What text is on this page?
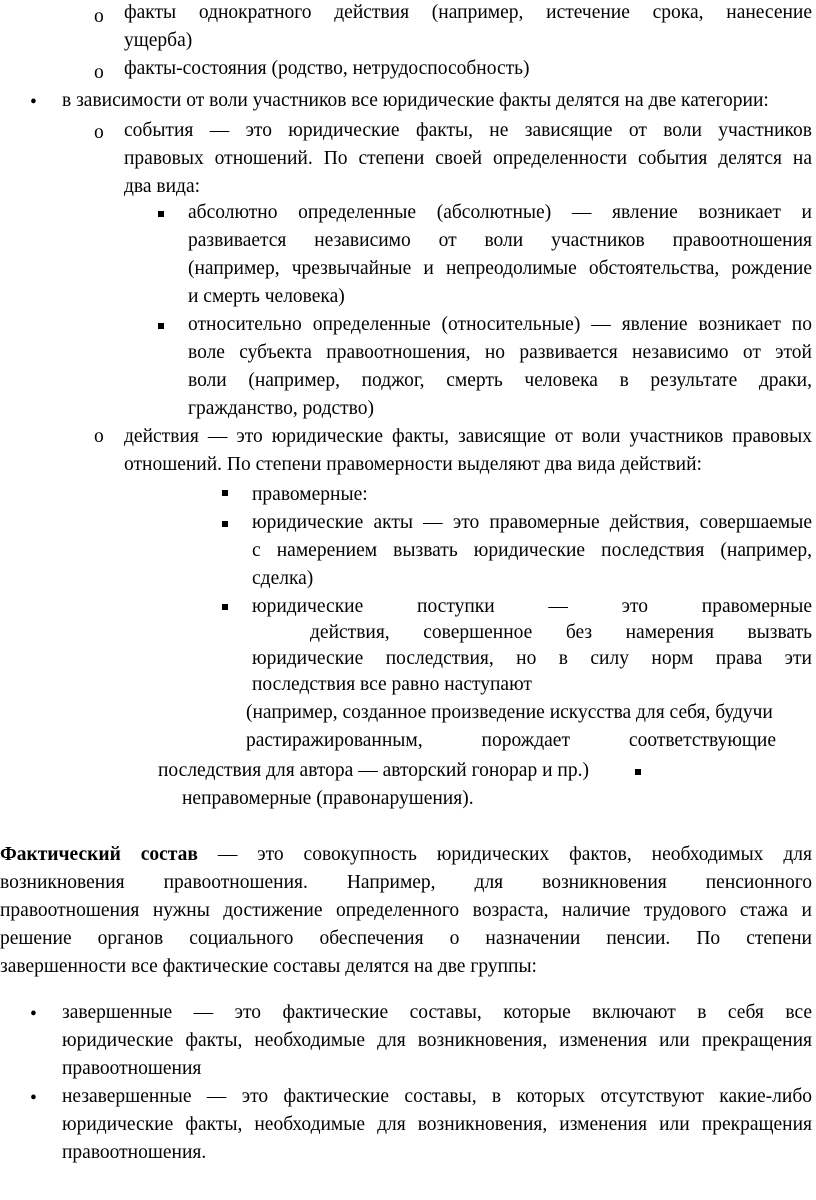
o
o
•
o
o
•
•
факты однократного действия (например, истечение срока, нанесение
ущерба)
факты-состояния (родство, нетрудоспособность)
в зависимости от воли участников все юридические факты делятся на две категории:
события — это юридические факты, не зависящие от воли участников
правовых отношений. По степени своей определенности события делятся на
два вида:
абсолютно определенные (абсолютные) — явление возникает и
развивается независимо от воли участников правоотношения
(например, чрезвычайные и непреодолимые обстоятельства, рождение
и смерть человека)
относительно определенные (относительные) — явление возникает по
воле субъекта правоотношения, но развивается независимо от этой
воли (например, поджог, смерть человека в результате драки,
гражданство, родство)
действия — это юридические факты, зависящие от воли участников правовых
отношений. По степени правомерности выделяют два вида действий:
правомерные:
юридические акты — это правомерные действия, совершаемые
с намерением вызвать юридические последствия (например,
сделка)
юридические поступки — это правомерные
действия, совершенное без намерения вызвать
юридические последствия, но в силу норм права эти
последствия все равно наступают
(например, созданное произведение искусства для себя, будучи
растиражированным, порождает соответствующие
последствия для автора — авторский гонорар и пр.)
неправомерные (правонарушения).
Фактический состав — это совокупность юридических фактов, необходимых для
возникновения правоотношения. Например, для возникновения пенсионного
правоотношения нужны достижение определенного возраста, наличие трудового стажа и
решение органов социального обеспечения о назначении пенсии. По степени
завершенности все фактические составы делятся на две группы:
завершенные — это фактические составы, которые включают в себя все
юридические факты, необходимые для возникновения, изменения или прекращения
правоотношения
незавершенные — это фактические составы, в которых отсутствуют какие-либо
юридические факты, необходимые для возникновения, изменения или прекращения
правоотношения.
